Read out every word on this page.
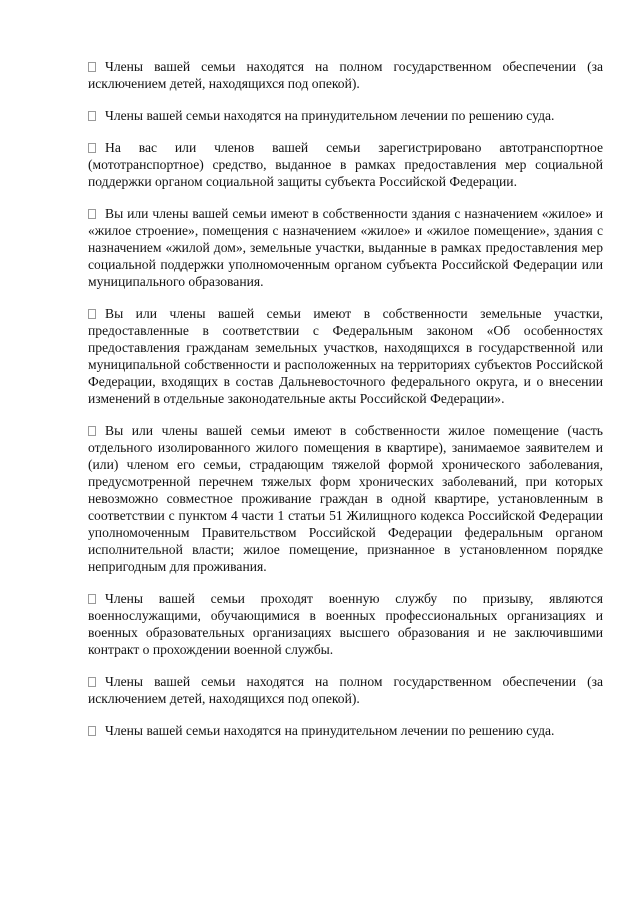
Члены вашей семьи находятся на полном государственном обеспечении (за исключением детей, находящихся под опекой).

Члены вашей семьи находятся на принудительном лечении по решению суда.

На вас или членов вашей семьи зарегистрировано автотранспортное (мототранспортное) средство, выданное в рамках предоставления мер социальной поддержки органом социальной защиты субъекта Российской Федерации.

Вы или члены вашей семьи имеют в собственности здания с назначением «жилое» и «жилое строение», помещения с назначением «жилое» и «жилое помещение», здания с назначением «жилой дом», земельные участки, выданные в рамках предоставления мер социальной поддержки уполномоченным органом субъекта Российской Федерации или муниципального образования.

Вы или члены вашей семьи имеют в собственности земельные участки, предоставленные в соответствии с Федеральным законом «Об особенностях предоставления гражданам земельных участков, находящихся в государственной или муниципальной собственности и расположенных на территориях субъектов Российской Федерации, входящих в состав Дальневосточного федерального округа, и о внесении изменений в отдельные законодательные акты Российской Федерации».

Вы или члены вашей семьи имеют в собственности жилое помещение (часть отдельного изолированного жилого помещения в квартире), занимаемое заявителем и (или) членом его семьи, страдающим тяжелой формой хронического заболевания, предусмотренной перечнем тяжелых форм хронических заболеваний, при которых невозможно совместное проживание граждан в одной квартире, установленным в соответствии с пунктом 4 части 1 статьи 51 Жилищного кодекса Российской Федерации уполномоченным Правительством Российской Федерации федеральным органом исполнительной власти; жилое помещение, признанное в установленном порядке непригодным для проживания.

Члены вашей семьи проходят военную службу по призыву, являются военнослужащими, обучающимися в военных профессиональных организациях и военных образовательных организациях высшего образования и не заключившими контракт о прохождении военной службы.

Члены вашей семьи находятся на полном государственном обеспечении (за исключением детей, находящихся под опекой).

Члены вашей семьи находятся на принудительном лечении по решению суда.
